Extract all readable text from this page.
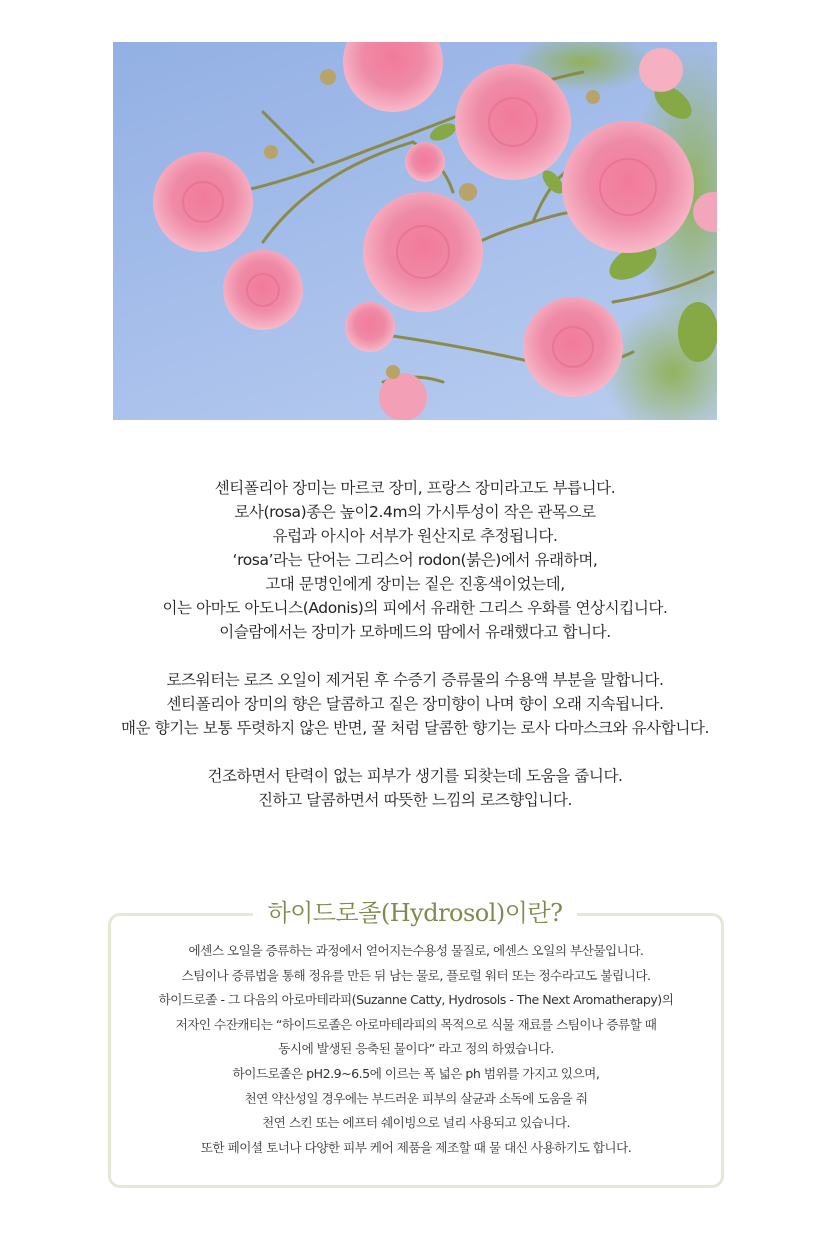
센티폴리아 장미는 마르코 장미, 프랑스 장미라고도 부릅니다.

로사(rosa)종은 높이2.4m의 가시투성이 작은 관목으로

유럽과 아시아 서부가 원산지로 추정됩니다.

‘rosa’라는 단어는 그리스어 rodon(붉은)에서 유래하며,

고대 문명인에게 장미는 짙은 진홍색이었는데,

이는 아마도 아도니스(Adonis)의 피에서 유래한 그리스 우화를 연상시킵니다.

이슬람에서는 장미가 모하메드의 땀에서 유래했다고 합니다.

로즈워터는 로즈 오일이 제거된 후 수증기 증류물의 수용액 부분을 말합니다.

센티폴리아 장미의 향은 달콤하고 짙은 장미향이 나며 향이 오래 지속됩니다.

매운 향기는 보통 뚜렷하지 않은 반면, 꿀 처럼 달콤한 향기는 로사 다마스크와 유사합니다.

건조하면서 탄력이 없는 피부가 생기를 되찾는데 도움을 줍니다.

진하고 달콤하면서 따뜻한 느낌의 로즈향입니다.

하이드로졸(Hydrosol)이란?

에센스 오일을 증류하는 과정에서 얻어지는수용성 물질로, 에센스 오일의 부산물입니다.

스팀이나 증류법을 통해 정유를 만든 뒤 남는 물로, 플로럴 워터 또는 정수라고도 불립니다.

하이드로졸 - 그 다음의 아로마테라피(Suzanne Catty, Hydrosols - The Next Aromatherapy)의

저자인 수잔캐티는 “하이드로졸은 아로마테라피의 목적으로 식물 재료를 스팀이나 증류할 때

동시에 발생된 응축된 물이다” 라고 정의 하였습니다.

하이드로졸은 pH2.9~6.5에 이르는 폭 넓은 ph 범위를 가지고 있으며,

천연 약산성일 경우에는 부드러운 피부의 살균과 소독에 도움을 줘

천연 스킨 또는 에프터 쉐이빙으로 널리 사용되고 있습니다.

또한 페이셜 토너나 다양한 피부 케어 제품을 제조할 때 물 대신 사용하기도 합니다.
